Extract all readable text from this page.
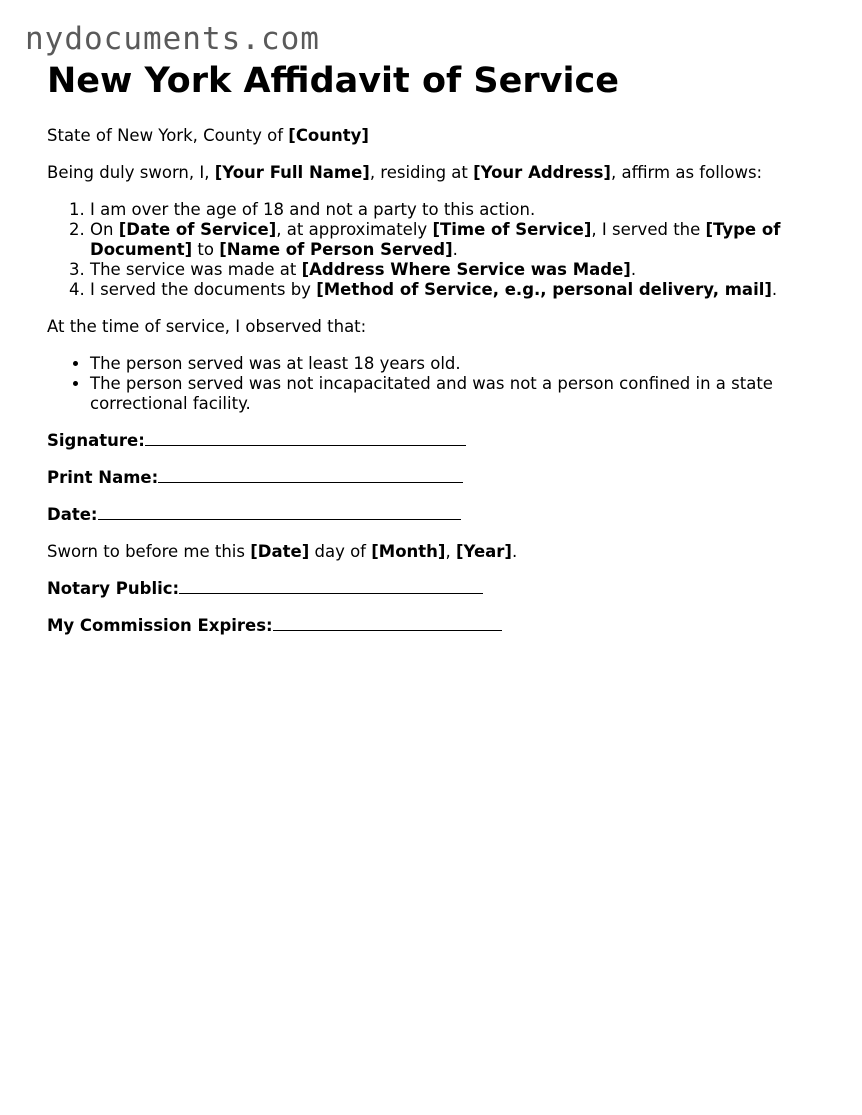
nydocuments.com
New York Affidavit of Service

State of New York, County of [County]

Being duly sworn, I, [Your Full Name], residing at [Your Address], affirm as follows:

1. I am over the age of 18 and not a party to this action.
2. On [Date of Service], at approximately [Time of Service], I served the [Type of Document] to [Name of Person Served].
3. The service was made at [Address Where Service was Made].
4. I served the documents by [Method of Service, e.g., personal delivery, mail].

At the time of service, I observed that:

• The person served was at least 18 years old.
• The person served was not incapacitated and was not a person confined in a state correctional facility.
Signature:
Print Name:
Date:

Sworn to before me this [Date] day of [Month], [Year].

Notary Public:
My Commission Expires:
